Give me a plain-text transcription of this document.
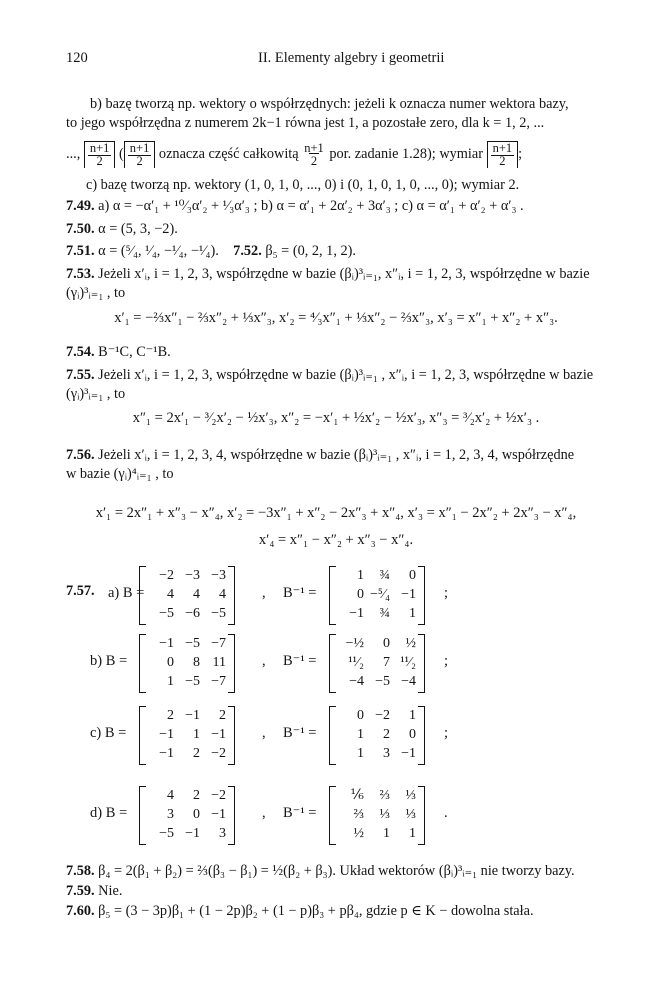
120	II. Elementy algebry i geometrii
b) bazę tworzą np. wektory o współrzędnych: jeżeli k oznacza numer wektora bazy,
to jego współrzędna z numerem 2k−1 równa jest 1, a pozostałe zero, dla k = 1, 2, ...
..., $\frac{n+1}{2}$ ( $\frac{n+1}{2}$ oznacza część całkowitą $\frac{n+1}{2}$ por. zadanie 1.28); wymiar $\frac{n+1}{2}$ ;
c) bazę tworzą np. wektory (1, 0, 1, 0, ..., 0) i (0, 1, 0, 1, 0, ..., 0); wymiar 2.
7.49. a) α = −α′₁ + ¹⁰⁄₃α′₂ + ¹⁄₃α′₃ ; b) α = α′₁ + 2α′₂ + 3α′₃ ; c) α = α′₁ + α′₂ + α′₃ .
7.50. α = (5, 3, −2).
7.51. α = (⁵⁄₄, ¹⁄₄, −¹⁄₄, −¹⁄₄). 7.52. β₅ = (0, 2, 1, 2).
7.53. Jeżeli x′ᵢ, i = 1, 2, 3, współrzędne w bazie (βᵢ)³ᵢ₌₁, x″ᵢ, i = 1, 2, 3, współrzędne w bazie
(γᵢ)³ᵢ₌₁ , to
x′₁ = −⅔x″₁ − ⅔x″₂ + ⅓x″₃, x′₂ = ⁴⁄₃x″₁ + ⅓x″₂ − ⅔x″₃, x′₃ = x″₁ + x″₂ + x″₃.
7.54. B⁻¹C, C⁻¹B.
7.55. Jeżeli x′ᵢ, i = 1, 2, 3, współrzędne w bazie (βᵢ)³ᵢ₌₁ , x″ᵢ, i = 1, 2, 3, współrzędne w bazie
(γᵢ)³ᵢ₌₁ , to
x″₁ = 2x′₁ − ³⁄₂x′₂ − ½x′₃, x″₂ = −x′₁ + ½x′₂ − ½x′₃, x″₃ = ³⁄₂x′₂ + ½x′₃ .
7.56. Jeżeli x′ᵢ, i = 1, 2, 3, 4, współrzędne w bazie (βᵢ)³ᵢ₌₁ , x″ᵢ, i = 1, 2, 3, 4, współrzędne
w bazie (γᵢ)⁴ᵢ₌₁ , to
x′₁ = 2x″₁ + x″₃ − x″₄, x′₂ = −3x″₁ + x″₂ − 2x″₃ + x″₄, x′₃ = x″₁ − 2x″₂ + 2x″₃ − x″₄,
x′₄ = x″₁ − x″₂ + x″₃ − x″₄.
7.57. a) B =
−2 −3 −3
4	4	4
−5 −6 −5
, B⁻¹ =
1	¾	0
0 −⁵⁄₄ −1
−1	¾	1
;
b) B =
−1 −5 −7
0	8 11
1 −5 −7
, B⁻¹ =
−½	0	½
¹¹⁄₂	7 ¹¹⁄₂
−4 −5 −4
;
c) B =
2 −1	2
−1	1 −1
−1	2 −2
, B⁻¹ =
0 −2	1
1	2	0
1	3 −1
;
d) B =
4	2 −2
3	0 −1
−5 −1	3
, B⁻¹ =
⅙	⅔	⅓
⅔	⅓	⅓
½	1	1
.
7.58. β₄ = 2(β₁ + β₂) = ⅔(β₃ − β₁) = ½(β₂ + β₃). Układ wektorów (βᵢ)³ᵢ₌₁ nie tworzy bazy.
7.59. Nie.
7.60. β₅ = (3 − 3p)β₁ + (1 − 2p)β₂ + (1 − p)β₃ + pβ₄, gdzie p ∈ K − dowolna stała.
